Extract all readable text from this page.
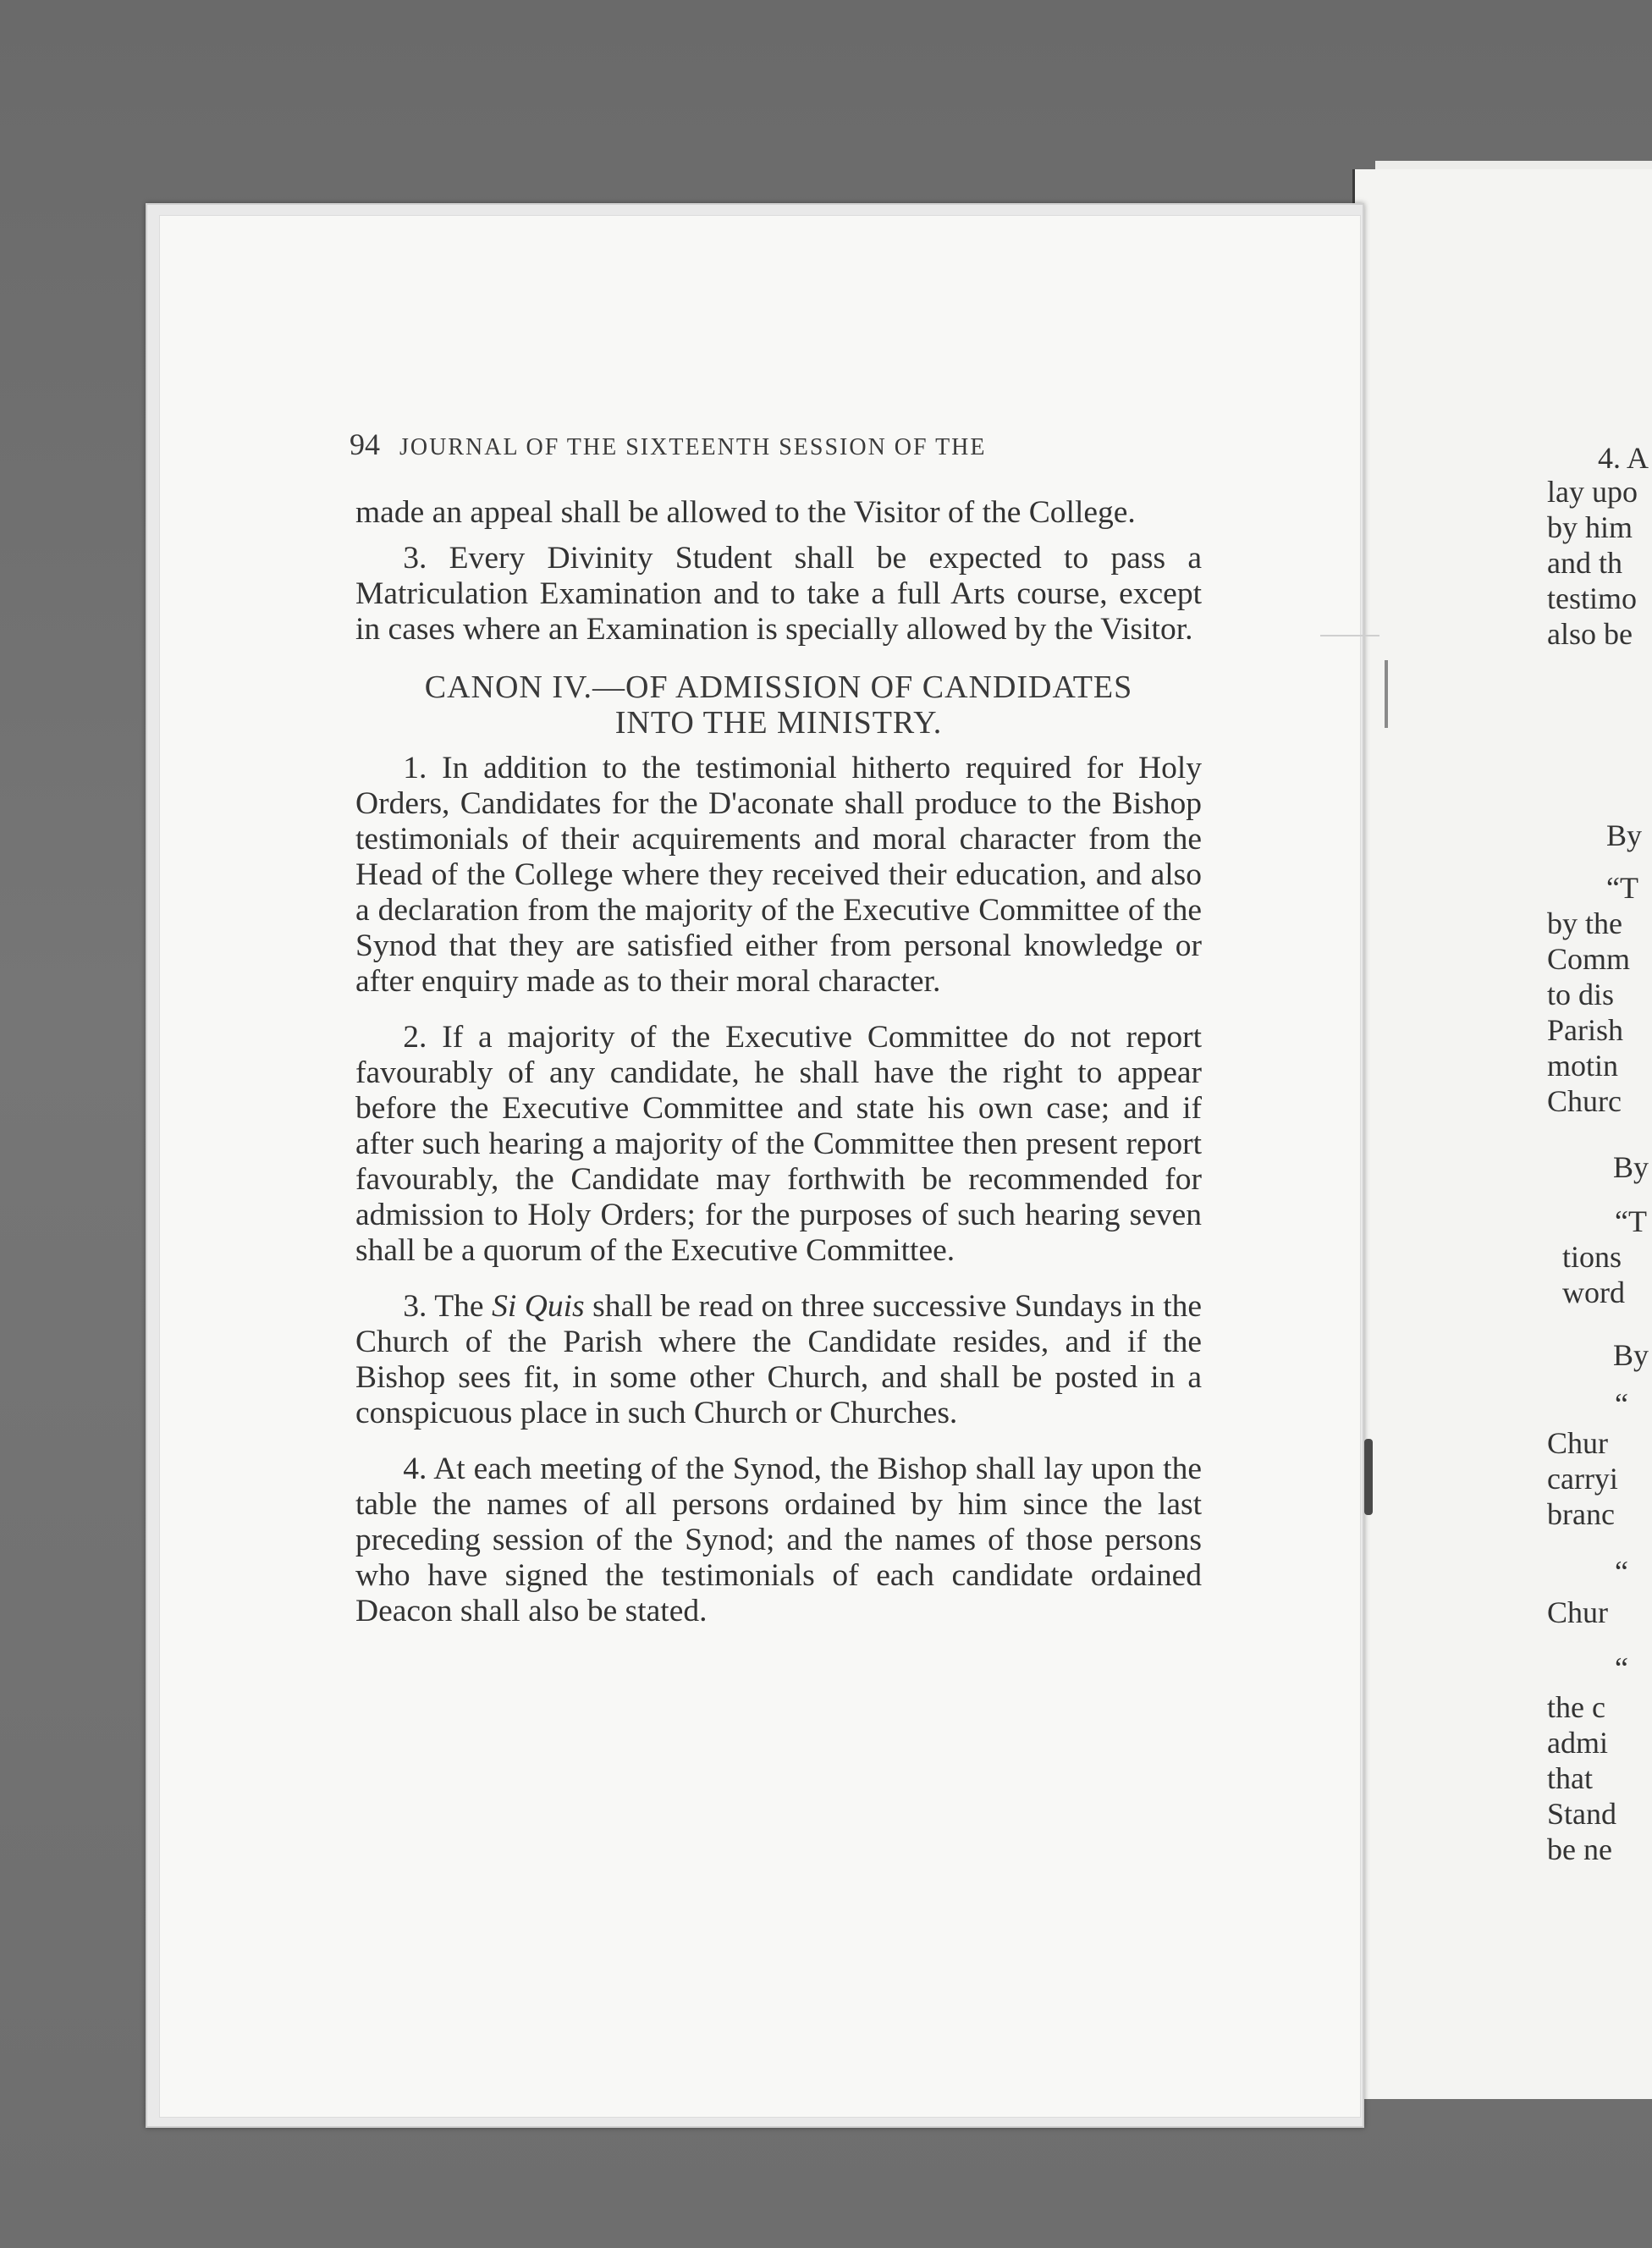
94 JOURNAL OF THE SIXTEENTH SESSION OF THE

made an appeal shall be allowed to the Visitor of the College.

3. Every Divinity Student shall be expected to pass a Matriculation Examination and to take a full Arts course, except in cases where an Examination is specially allowed by the Visitor.

CANON IV.—OF ADMISSION OF CANDIDATES
INTO THE MINISTRY.

1. In addition to the testimonial hitherto required for Holy Orders, Candidates for the D'aconate shall produce to the Bishop testimonials of their acquirements and moral character from the Head of the College where they received their education, and also a declaration from the majority of the Executive Committee of the Synod that they are satisfied either from personal knowledge or after enquiry made as to their moral character.

2. If a majority of the Executive Committee do not report favourably of any candidate, he shall have the right to appear before the Executive Committee and state his own case; and if after such hearing a majority of the Committee then present report favourably, the Candidate may forthwith be recommended for admission to Holy Orders; for the purposes of such hearing seven shall be a quorum of the Executive Committee.

3. The Si Quis shall be read on three successive Sundays in the Church of the Parish where the Candidate resides, and if the Bishop sees fit, in some other Church, and shall be posted in a conspicuous place in such Church or Churches.

4. At each meeting of the Synod, the Bishop shall lay upon the table the names of all persons ordained by him since the last preceding session of the Synod; and the names of those persons who have signed the testimonials of each candidate ordained Deacon shall also be stated.

4. A
lay upo
by him
and th
testimo
also be
By
“T
by the
Comm
to dis
Parish
motin
Churc
By
“T
tions
word
By
“
Chur
carryi
branc
“
Chur
“
the c
admi
that
Stand
be ne
